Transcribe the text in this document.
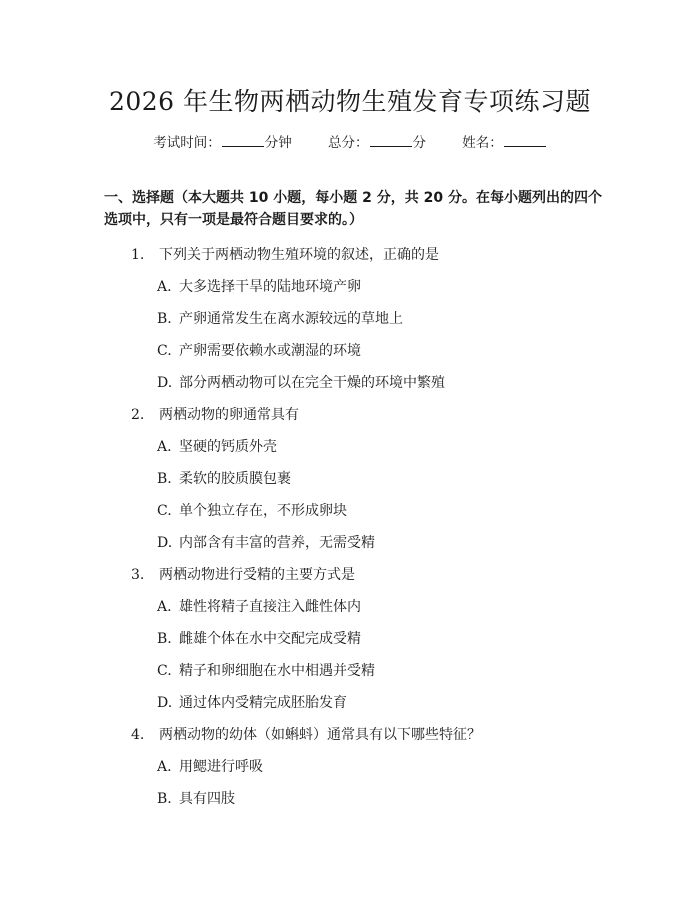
2026 年生物两栖动物生殖发育专项练习题
考试时间：	分钟	总分：	分	姓名：
一、选择题（本大题共 10 小题，每小题 2 分，共 20 分。在每小题列出的四个选项中，只有一项是最符合题目要求的。）
1. 下列关于两栖动物生殖环境的叙述，正确的是
A. 大多选择干旱的陆地环境产卵
B. 产卵通常发生在离水源较远的草地上
C. 产卵需要依赖水或潮湿的环境
D. 部分两栖动物可以在完全干燥的环境中繁殖
2. 两栖动物的卵通常具有
A. 坚硬的钙质外壳
B. 柔软的胶质膜包裹
C. 单个独立存在，不形成卵块
D. 内部含有丰富的营养，无需受精
3. 两栖动物进行受精的主要方式是
A. 雄性将精子直接注入雌性体内
B. 雌雄个体在水中交配完成受精
C. 精子和卵细胞在水中相遇并受精
D. 通过体内受精完成胚胎发育
4. 两栖动物的幼体（如蝌蚪）通常具有以下哪些特征？
A. 用鳃进行呼吸
B. 具有四肢
